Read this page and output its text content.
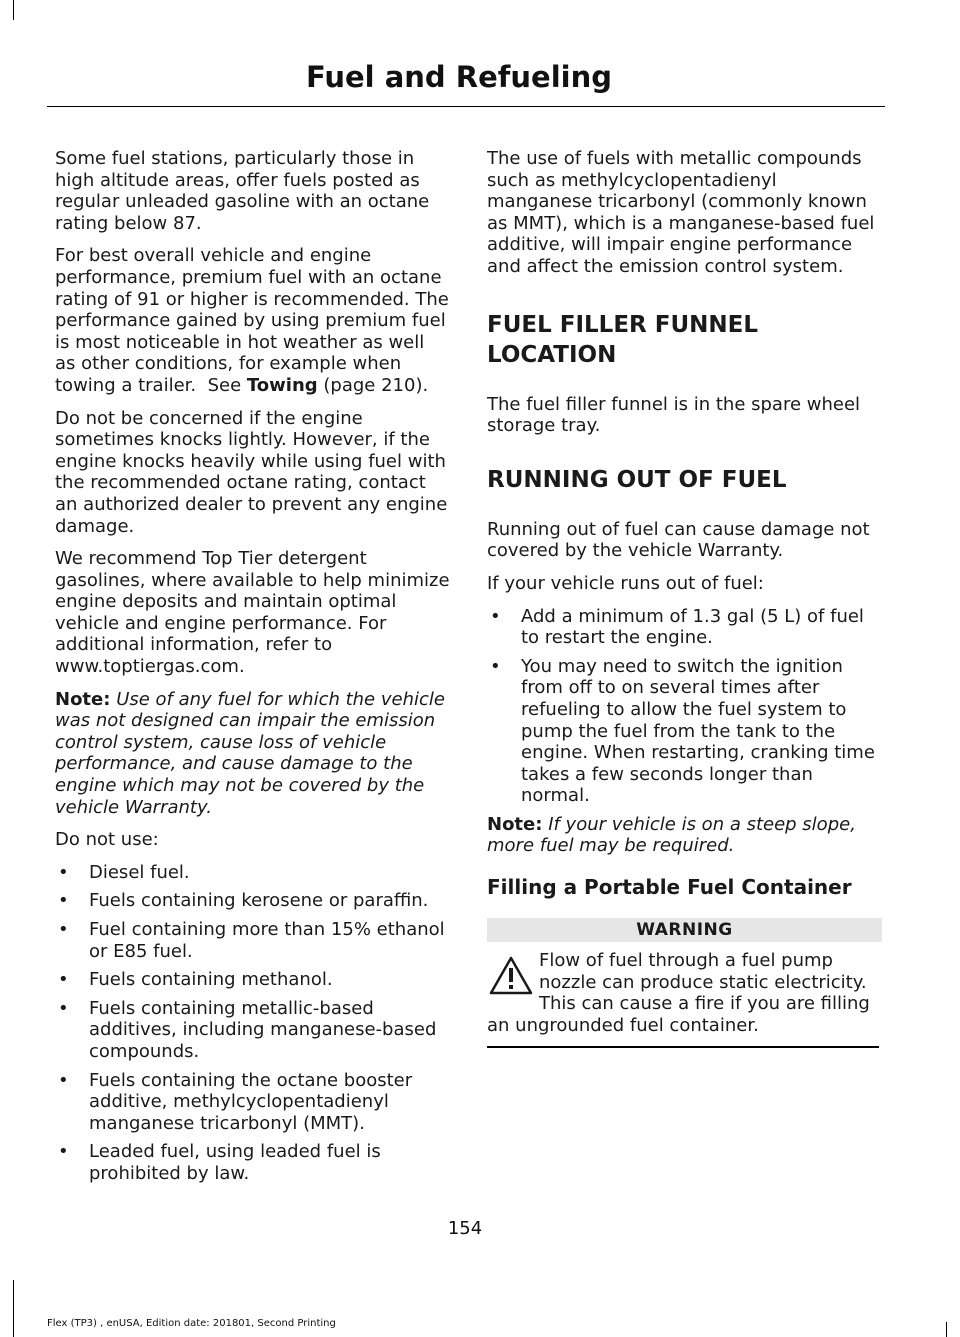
Fuel and Refueling

Some fuel stations, particularly those in high altitude areas, offer fuels posted as regular unleaded gasoline with an octane rating below 87.

For best overall vehicle and engine performance, premium fuel with an octane rating of 91 or higher is recommended. The performance gained by using premium fuel is most noticeable in hot weather as well as other conditions, for example when towing a trailer. See Towing (page 210).

Do not be concerned if the engine sometimes knocks lightly. However, if the engine knocks heavily while using fuel with the recommended octane rating, contact an authorized dealer to prevent any engine damage.

We recommend Top Tier detergent gasolines, where available to help minimize engine deposits and maintain optimal vehicle and engine performance. For additional information, refer to www.toptiergas.com.

Note: Use of any fuel for which the vehicle was not designed can impair the emission control system, cause loss of vehicle performance, and cause damage to the engine which may not be covered by the vehicle Warranty.

Do not use:

• Diesel fuel.
• Fuels containing kerosene or paraffin.
• Fuel containing more than 15% ethanol or E85 fuel.
• Fuels containing methanol.
• Fuels containing metallic-based additives, including manganese-based compounds.
• Fuels containing the octane booster additive, methylcyclopentadienyl manganese tricarbonyl (MMT).
• Leaded fuel, using leaded fuel is prohibited by law.

The use of fuels with metallic compounds such as methylcyclopentadienyl manganese tricarbonyl (commonly known as MMT), which is a manganese-based fuel additive, will impair engine performance and affect the emission control system.

FUEL FILLER FUNNEL
LOCATION

The fuel filler funnel is in the spare wheel storage tray.

RUNNING OUT OF FUEL

Running out of fuel can cause damage not covered by the vehicle Warranty.

If your vehicle runs out of fuel:

• Add a minimum of 1.3 gal (5 L) of fuel to restart the engine.
• You may need to switch the ignition from off to on several times after refueling to allow the fuel system to pump the fuel from the tank to the engine. When restarting, cranking time takes a few seconds longer than normal.

Note: If your vehicle is on a steep slope, more fuel may be required.

Filling a Portable Fuel Container
WARNING
Flow of fuel through a fuel pump
nozzle can produce static electricity.
This can cause a fire if you are filling
an ungrounded fuel container.
154
Flex (TP3) , enUSA, Edition date: 201801, Second Printing
